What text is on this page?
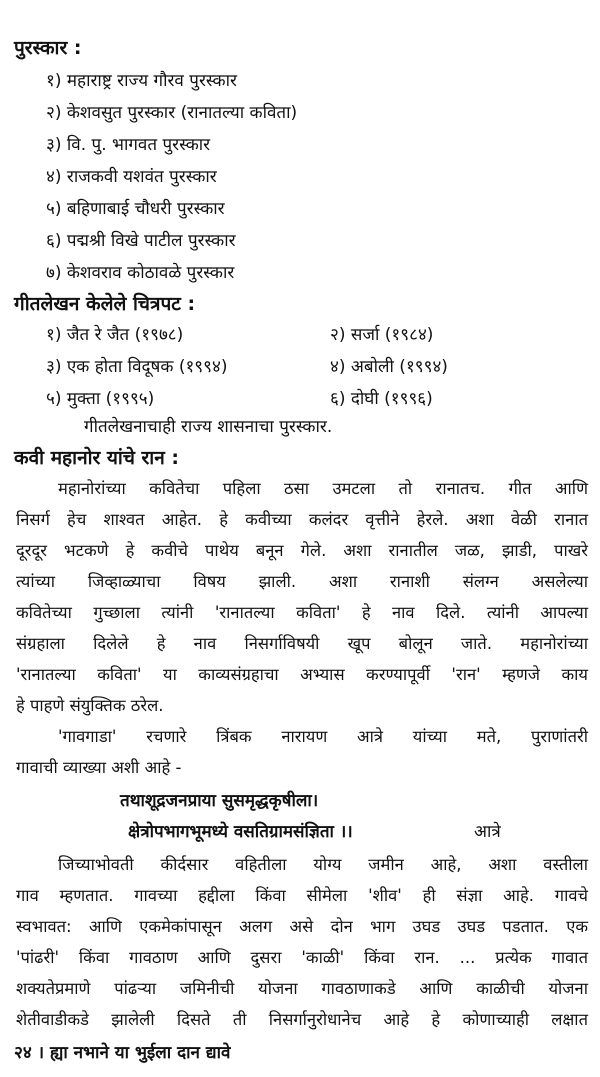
पुरस्कार :
१) महाराष्ट्र राज्य गौरव पुरस्कार
२) केशवसुत पुरस्कार (रानातल्या कविता)
३) वि. पु. भागवत पुरस्कार
४) राजकवी यशवंत पुरस्कार
५) बहिणाबाई चौधरी पुरस्कार
६) पद्मश्री विखे पाटील पुरस्कार
७) केशवराव कोठावळे पुरस्कार
गीतलेखन केलेले चित्रपट :
१) जैत रे जैत (१९७८)	२) सर्जा (१९८४)
३) एक होता विदूषक (१९९४)	४) अबोली (१९९४)
५) मुक्ता (१९९५)	६) दोघी (१९९६)
गीतलेखनाचाही राज्य शासनाचा पुरस्कार.
कवी महानोर यांचे रान :
महानोरांच्या कवितेचा पहिला ठसा उमटला तो रानातच. गीत आणि
निसर्ग हेच शाश्वत आहेत. हे कवीच्या कलंदर वृत्तीने हेरले. अशा वेळी रानात
दूरदूर भटकणे हे कवीचे पाथेय बनून गेले. अशा रानातील जळ, झाडी, पाखरे
त्यांच्या जिव्हाळ्याचा विषय झाली. अशा रानाशी संलग्न असलेल्या
कवितेच्या गुच्छाला त्यांनी 'रानातल्या कविता' हे नाव दिले. त्यांनी आपल्या
संग्रहाला दिलेले हे नाव निसर्गाविषयी खूप बोलून जाते. महानोरांच्या
'रानातल्या कविता' या काव्यसंग्रहाचा अभ्यास करण्यापूर्वी 'रान' म्हणजे काय
हे पाहणे संयुक्तिक ठरेल.
'गावगाडा' रचणारे त्रिंबक नारायण आत्रे यांच्या मते, पुराणांतरी
गावाची व्याख्या अशी आहे -
तथाशूद्रजनप्राया सुसमृद्धकृषीला।
क्षेत्रोपभागभूमध्ये वसतिग्रामसंज्ञिता ।।	आत्रे
जिच्याभोवती कीर्दसार वहितीला योग्य जमीन आहे, अशा वस्तीला
गाव म्हणतात. गावच्या हद्दीला किंवा सीमेला 'शीव' ही संज्ञा आहे. गावचे
स्वभावत: आणि एकमेकांपासून अलग असे दोन भाग उघड उघड पडतात. एक
'पांढरी' किंवा गावठाण आणि दुसरा 'काळी' किंवा रान. ... प्रत्येक गावात
शक्यतेप्रमाणे पांढऱ्या जमिनीची योजना गावठाणाकडे आणि काळीची योजना
शेतीवाडीकडे झालेली दिसते ती निसर्गानुरोधानेच आहे हे कोणाच्याही लक्षात
२४ । ह्या नभाने या भुईला दान द्यावे
